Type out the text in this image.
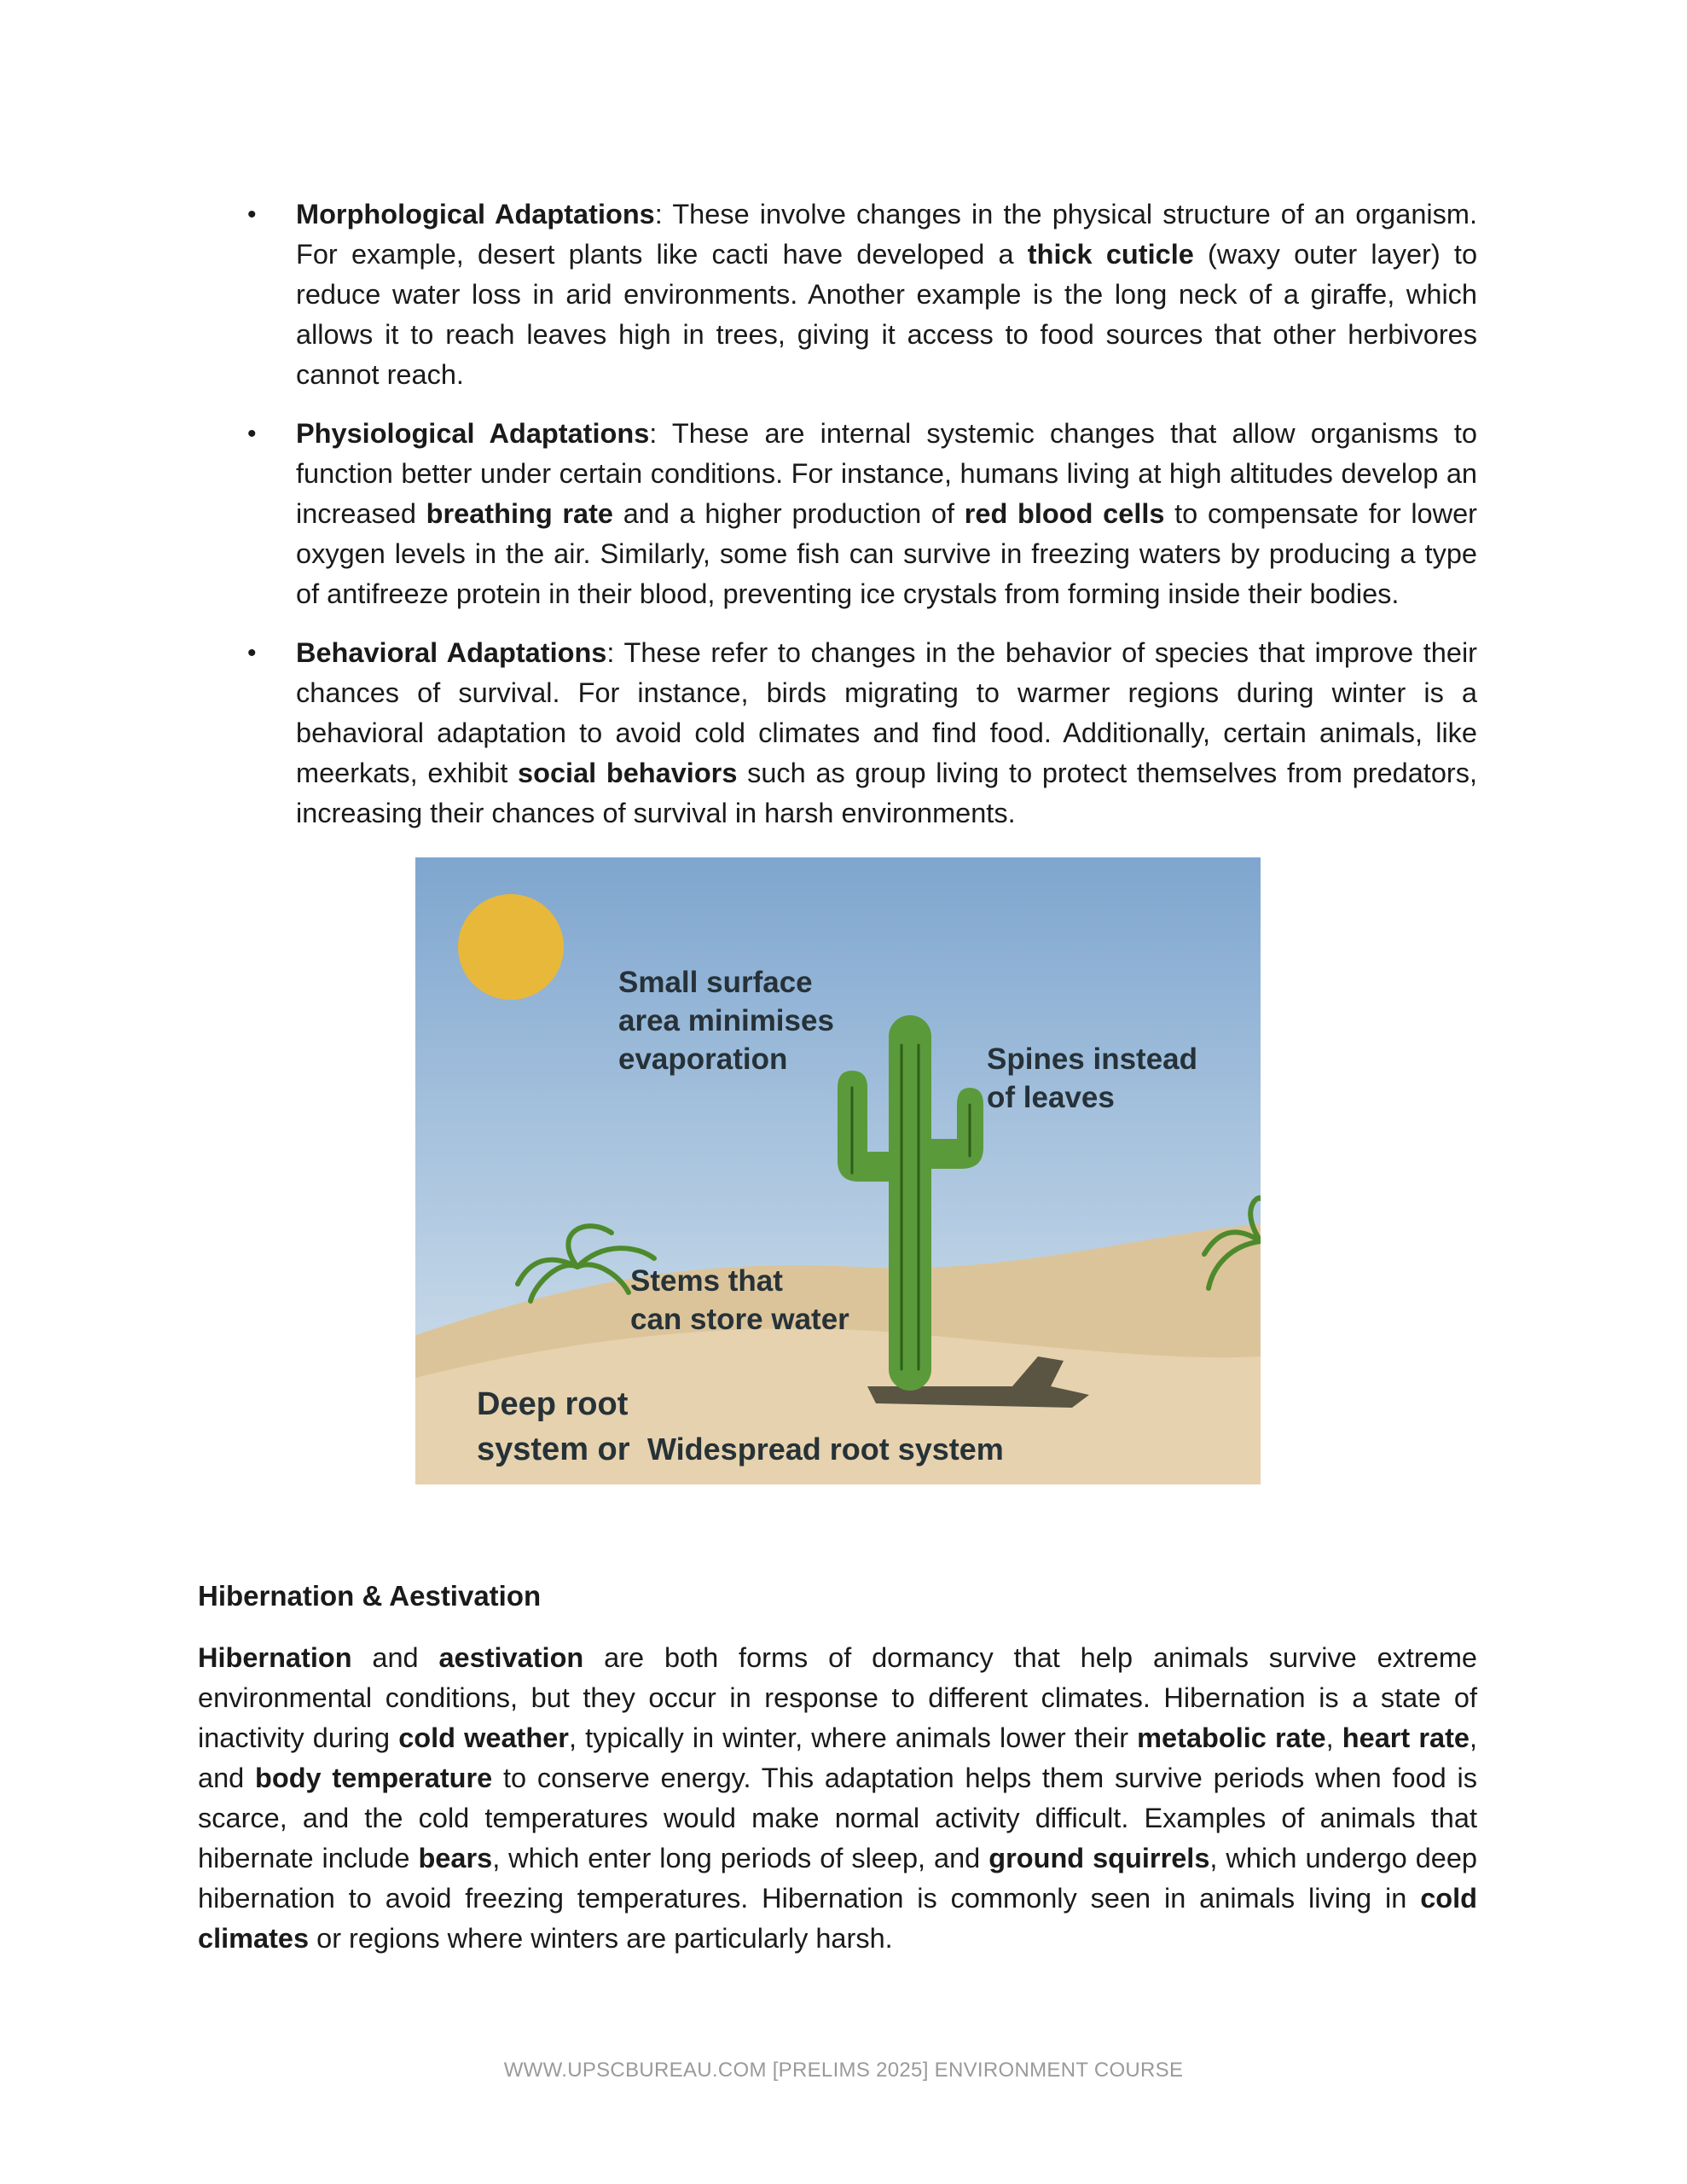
• Morphological Adaptations: These involve changes in the physical structure of an organism. For example, desert plants like cacti have developed a thick cuticle (waxy outer layer) to reduce water loss in arid environments. Another example is the long neck of a giraffe, which allows it to reach leaves high in trees, giving it access to food sources that other herbivores cannot reach.
• Physiological Adaptations: These are internal systemic changes that allow organisms to function better under certain conditions. For instance, humans living at high altitudes develop an increased breathing rate and a higher production of red blood cells to compensate for lower oxygen levels in the air. Similarly, some fish can survive in freezing waters by producing a type of antifreeze protein in their blood, preventing ice crystals from forming inside their bodies.
• Behavioral Adaptations: These refer to changes in the behavior of species that improve their chances of survival. For instance, birds migrating to warmer regions during winter is a behavioral adaptation to avoid cold climates and find food. Additionally, certain animals, like meerkats, exhibit social behaviors such as group living to protect themselves from predators, increasing their chances of survival in harsh environments.
Small surface
area minimises
evaporation	Spines instead
of leaves
Stems that
can store water
Deep root
system or Widespread root system
Hibernation & Aestivation

Hibernation and aestivation are both forms of dormancy that help animals survive extreme environmental conditions, but they occur in response to different climates. Hibernation is a state of inactivity during cold weather, typically in winter, where animals lower their metabolic rate, heart rate, and body temperature to conserve energy. This adaptation helps them survive periods when food is scarce, and the cold temperatures would make normal activity difficult. Examples of animals that hibernate include bears, which enter long periods of sleep, and ground squirrels, which undergo deep hibernation to avoid freezing temperatures. Hibernation is commonly seen in animals living in cold climates or regions where winters are particularly harsh.

WWW.UPSCBUREAU.COM [PRELIMS 2025] ENVIRONMENT COURSE
